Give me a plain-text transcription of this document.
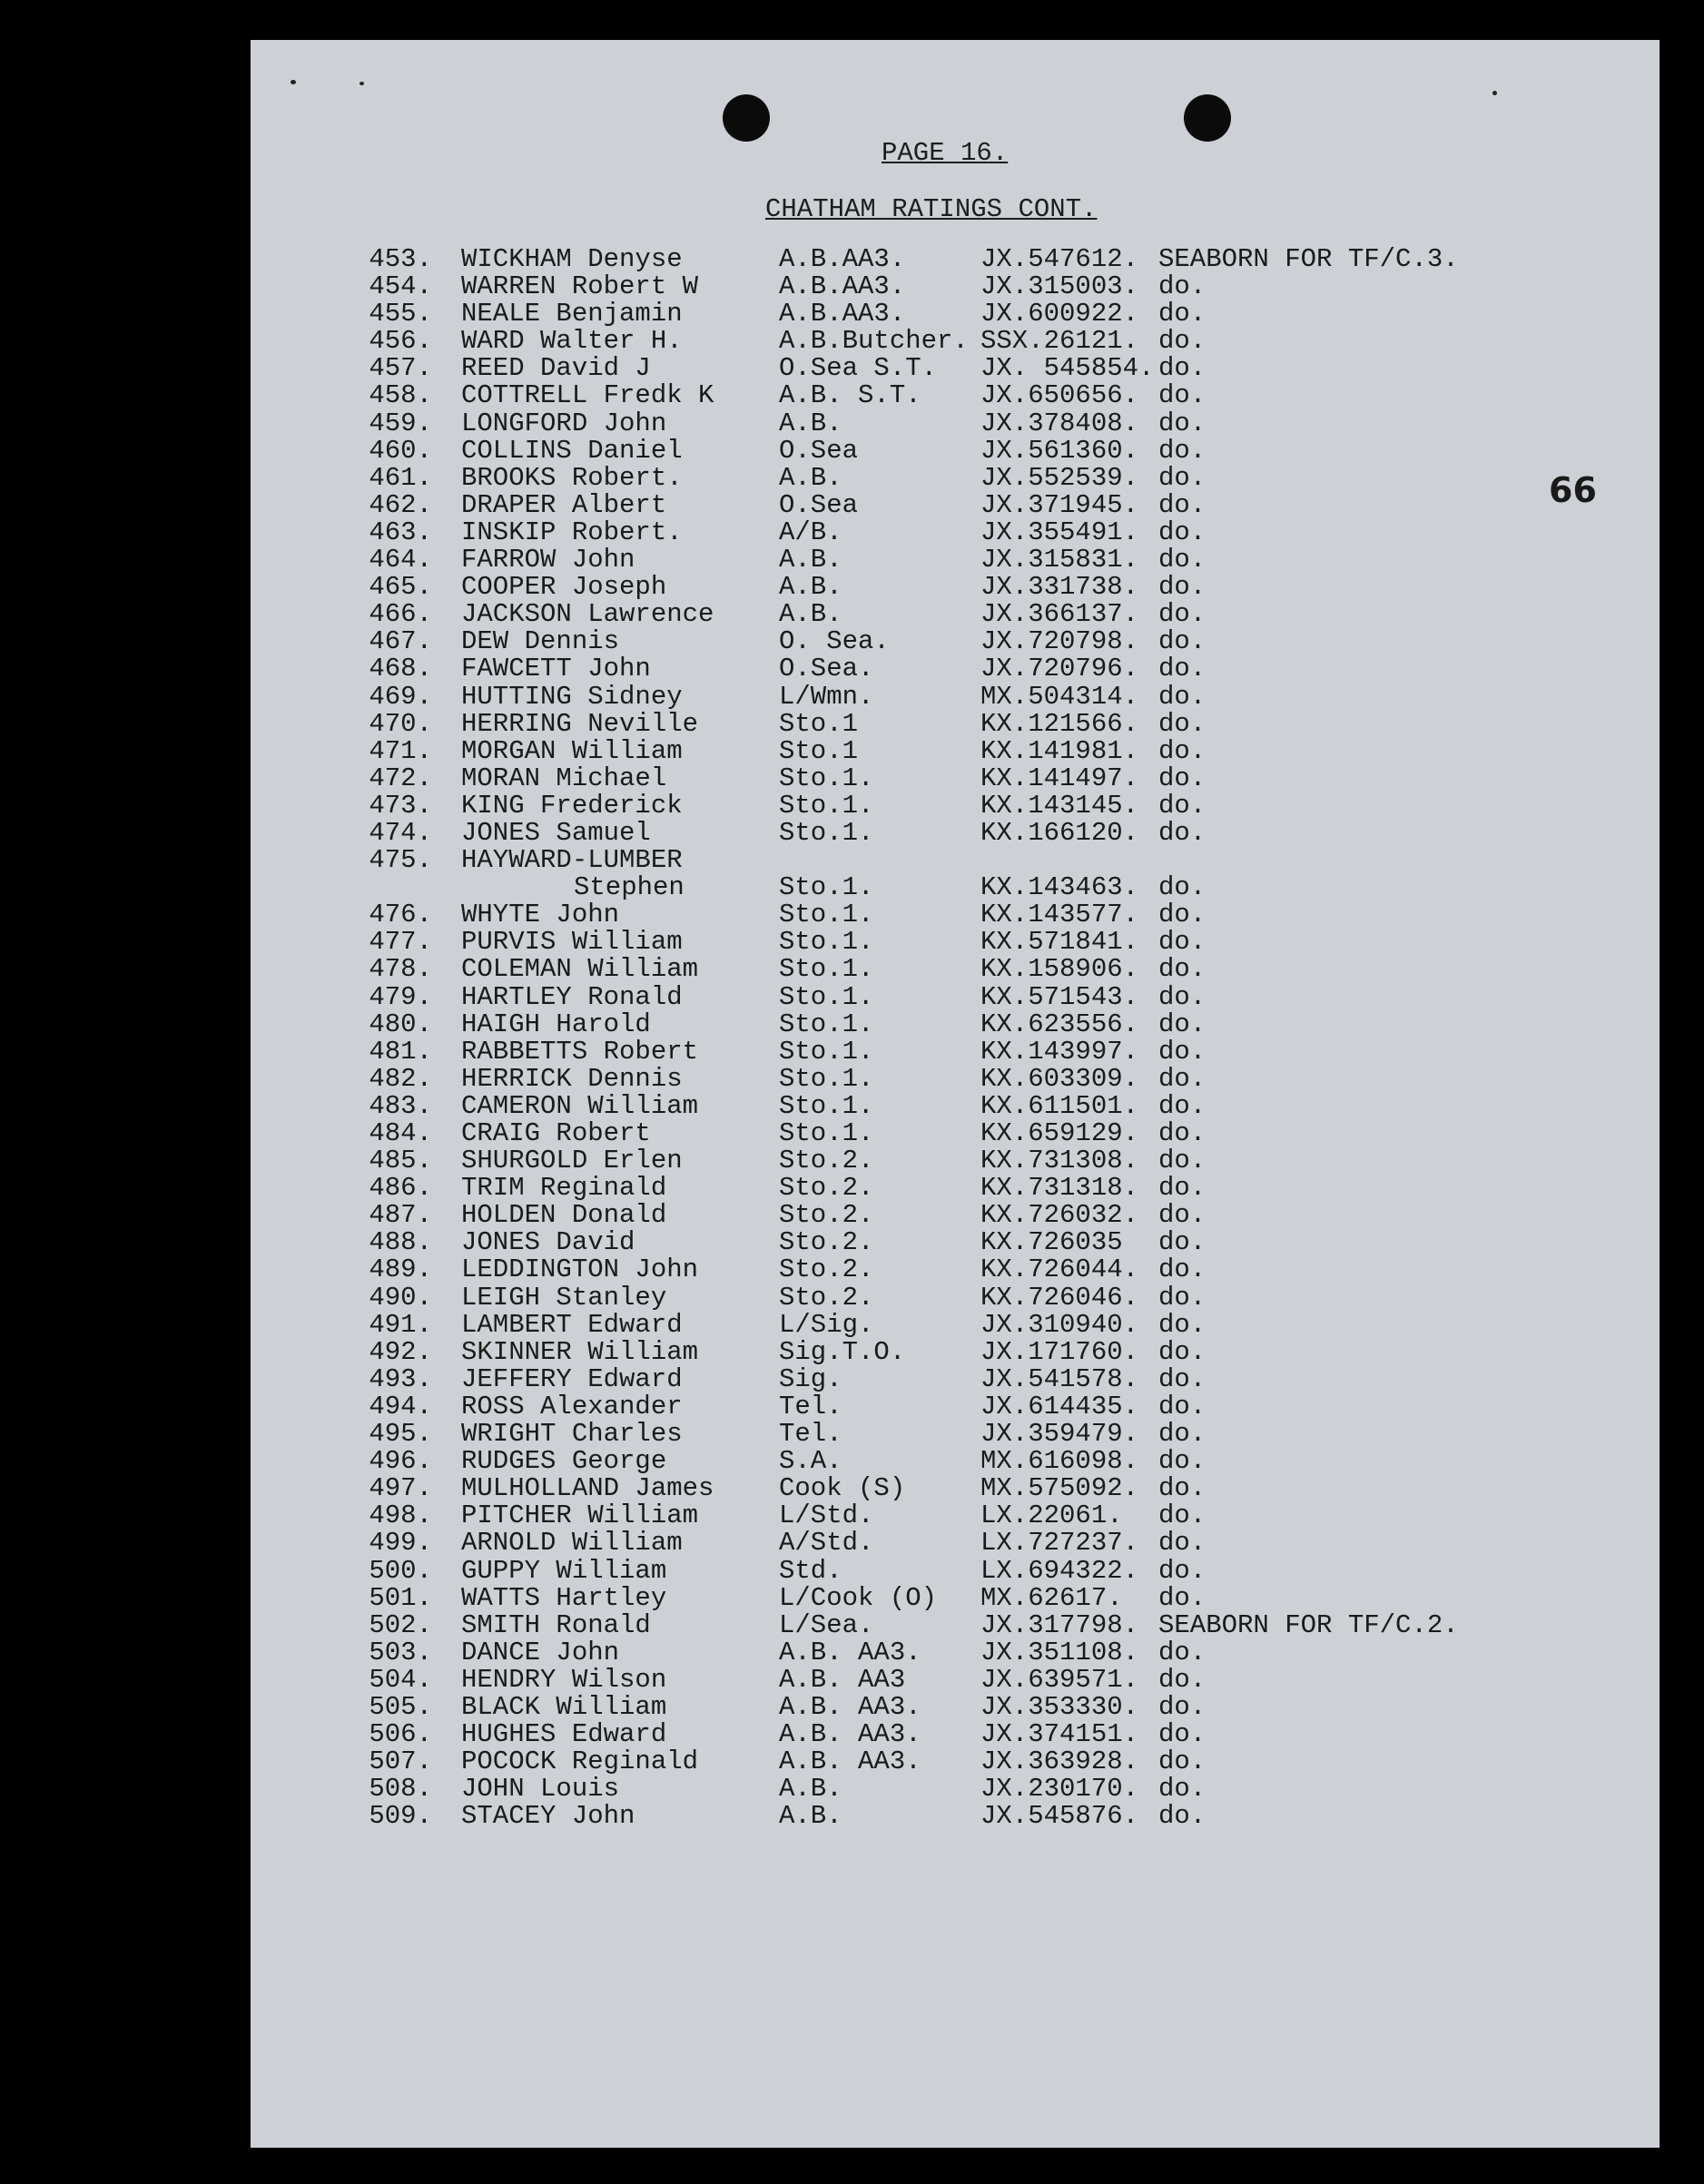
PAGE 16.
CHATHAM RATINGS CONT.
66
453. WICKHAM Denyse	A.B.AA3.	JX.547612. SEABORN FOR TF/C.3.
454. WARREN Robert W	A.B.AA3.	JX.315003. do.
455. NEALE Benjamin	A.B.AA3.	JX.600922. do.
456. WARD Walter H.	A.B.Butcher. SSX.26121. do.
457. REED David J	O.Sea S.T. JX. 545854. do.
458. COTTRELL Fredk K A.B. S.T. JX.650656. do.
459. LONGFORD John	A.B.	JX.378408. do.
460. COLLINS Daniel	O.Sea	JX.561360. do.
461. BROOKS Robert.	A.B.	JX.552539. do.
462. DRAPER Albert	O.Sea	JX.371945. do.
463. INSKIP Robert.	A/B.	JX.355491. do.
464. FARROW John	A.B.	JX.315831. do.
465. COOPER Joseph	A.B.	JX.331738. do.
466. JACKSON Lawrence A.B.	JX.366137. do.
467. DEW Dennis	O. Sea.	JX.720798. do.
468. FAWCETT John	O.Sea.	JX.720796. do.
469. HUTTING Sidney	L/Wmn.	MX.504314. do.
470. HERRING Neville	Sto.1	KX.121566. do.
471. MORGAN William	Sto.1	KX.141981. do.
472. MORAN Michael	Sto.1.	KX.141497. do.
473. KING Frederick	Sto.1.	KX.143145. do.
474. JONES Samuel	Sto.1.	KX.166120. do.
475. HAYWARD-LUMBER
Stephen	Sto.1.	KX.143463. do.
476. WHYTE John	Sto.1.	KX.143577. do.
477. PURVIS William	Sto.1.	KX.571841. do.
478. COLEMAN William	Sto.1.	KX.158906. do.
479. HARTLEY Ronald	Sto.1.	KX.571543. do.
480. HAIGH Harold	Sto.1.	KX.623556. do.
481. RABBETTS Robert	Sto.1.	KX.143997. do.
482. HERRICK Dennis	Sto.1.	KX.603309. do.
483. CAMERON William	Sto.1.	KX.611501. do.
484. CRAIG Robert	Sto.1.	KX.659129. do.
485. SHURGOLD Erlen	Sto.2.	KX.731308. do.
486. TRIM Reginald	Sto.2.	KX.731318. do.
487. HOLDEN Donald	Sto.2.	KX.726032. do.
488. JONES David	Sto.2.	KX.726035 do.
489. LEDDINGTON John	Sto.2.	KX.726044. do.
490. LEIGH Stanley	Sto.2.	KX.726046. do.
491. LAMBERT Edward	L/Sig.	JX.310940. do.
492. SKINNER William	Sig.T.O.	JX.171760. do.
493. JEFFERY Edward	Sig.	JX.541578. do.
494. ROSS Alexander	Tel.	JX.614435. do.
495. WRIGHT Charles	Tel.	JX.359479. do.
496. RUDGES George	S.A.	MX.616098. do.
497. MULHOLLAND James Cook (S)	MX.575092. do.
498. PITCHER William	L/Std.	LX.22061. do.
499. ARNOLD William	A/Std.	LX.727237. do.
500. GUPPY William	Std.	LX.694322. do.
501. WATTS Hartley	L/Cook (O) MX.62617. do.
502. SMITH Ronald	L/Sea.	JX.317798. SEABORN FOR TF/C.2.
503. DANCE John	A.B. AA3. JX.351108. do.
504. HENDRY Wilson	A.B. AA3	JX.639571. do.
505. BLACK William	A.B. AA3. JX.353330. do.
506. HUGHES Edward	A.B. AA3. JX.374151. do.
507. POCOCK Reginald	A.B. AA3. JX.363928. do.
508. JOHN Louis	A.B.	JX.230170. do.
509. STACEY John	A.B.	JX.545876. do.
